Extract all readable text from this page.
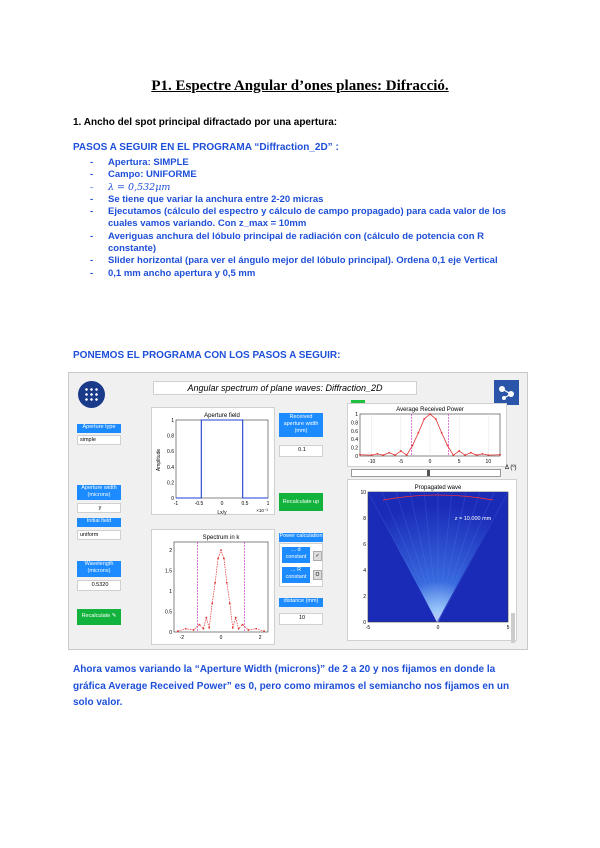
P1. Espectre Angular d’ones planes: Difracció.
1. Ancho del spot principal difractado por una apertura:
PASOS A SEGUIR EN EL PROGRAMA “Diffraction_2D” :
- Apertura: SIMPLE
- Campo: UNIFORME
- λ = 0,532μm
- Se tiene que variar la anchura entre 2-20 micras
- Ejecutamos (cálculo del espectro y cálculo de campo propagado) para cada valor de los cuales vamos variando. Con z_max = 10mm
- Averiguas anchura del lóbulo principal de radiación con (cálculo de potencia con R constante)
- Slider horizontal (para ver el ángulo mejor del lóbulo principal). Ordena 0,1 eje Vertical
- 0,1 mm ancho apertura y 0,5 mm
PONEMOS EL PROGRAMA CON LOS PASOS A SEGUIR:
Angular spectrum of plane waves: Diffraction_2D
Aperture type
simple
Aperture width (microns)
y
Initial field
uniform
Wavelength (microns)
0.5320
Recalculate ✎
Aperture field
-1	-0.5	0	0.5	1
0
0.2
0.4
0.6
0.8
1
Amplitude
Lx/y	×10⁻³
Spectrum in k
-2	0	2
0
0.5
1
1.5
2
Received aperture width (mm)
0.1
Recalculate up
Power calculation
... d constant
... R constant
✓
O
distance (mm)
10
Average Received Power
-10	-5	0	5	10
0
0.2
0.4
0.6
0.8
1
Δ (º)
Propagated wave
-5	0	5
0
2
4
6
8
10
z = 10.000 mm
Ahora vamos variando la “Aperture Width (microns)” de 2 a 20 y nos fijamos en donde la gráfica Average Received Power” es 0, pero como miramos el semiancho nos fijamos en un solo valor.
